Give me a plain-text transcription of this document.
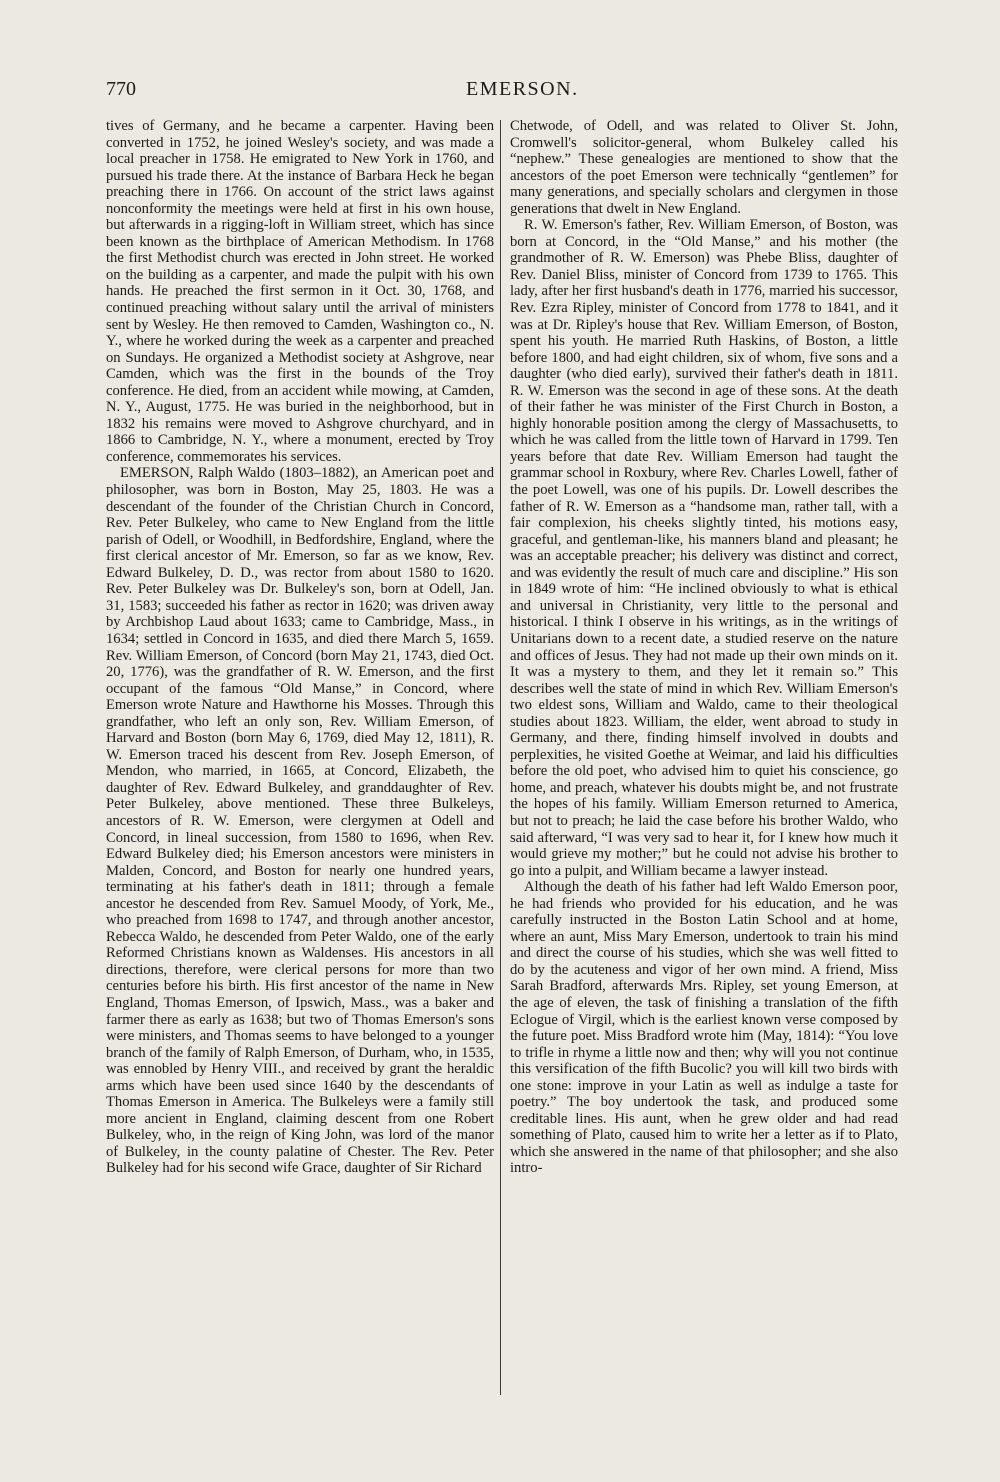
770	EMERSON.

tives of Germany, and he became a carpenter. Having been converted in 1752, he joined Wesley's society, and was made a local preacher in 1758. He emigrated to New York in 1760, and pursued his trade there. At the instance of Barbara Heck he began preaching there in 1766. On account of the strict laws against nonconformity the meetings were held at first in his own house, but afterwards in a rigging-loft in William street, which has since been known as the birthplace of American Methodism. In 1768 the first Methodist church was erected in John street. He worked on the building as a carpenter, and made the pulpit with his own hands. He preached the first sermon in it Oct. 30, 1768, and continued preaching without salary until the arrival of ministers sent by Wesley. He then removed to Camden, Washington co., N. Y., where he worked during the week as a carpenter and preached on Sundays. He organized a Methodist society at Ashgrove, near Camden, which was the first in the bounds of the Troy conference. He died, from an accident while mowing, at Camden, N. Y., August, 1775. He was buried in the neighborhood, but in 1832 his remains were moved to Ashgrove churchyard, and in 1866 to Cambridge, N. Y., where a monument, erected by Troy conference, commemorates his services.

EMERSON, Ralph Waldo (1803–1882), an American poet and philosopher, was born in Boston, May 25, 1803. He was a descendant of the founder of the Christian Church in Concord, Rev. Peter Bulkeley, who came to New England from the little parish of Odell, or Woodhill, in Bedfordshire, England, where the first clerical ancestor of Mr. Emerson, so far as we know, Rev. Edward Bulkeley, D. D., was rector from about 1580 to 1620. Rev. Peter Bulkeley was Dr. Bulkeley's son, born at Odell, Jan. 31, 1583; succeeded his father as rector in 1620; was driven away by Archbishop Laud about 1633; came to Cambridge, Mass., in 1634; settled in Concord in 1635, and died there March 5, 1659. Rev. William Emerson, of Concord (born May 21, 1743, died Oct. 20, 1776), was the grandfather of R. W. Emerson, and the first occupant of the famous “Old Manse,” in Concord, where Emerson wrote Nature and Hawthorne his Mosses. Through this grandfather, who left an only son, Rev. William Emerson, of Harvard and Boston (born May 6, 1769, died May 12, 1811), R. W. Emerson traced his descent from Rev. Joseph Emerson, of Mendon, who married, in 1665, at Concord, Elizabeth, the daughter of Rev. Edward Bulkeley, and granddaughter of Rev. Peter Bulkeley, above mentioned. These three Bulkeleys, ancestors of R. W. Emerson, were clergymen at Odell and Concord, in lineal succession, from 1580 to 1696, when Rev. Edward Bulkeley died; his Emerson ancestors were ministers in Malden, Concord, and Boston for nearly one hundred years, terminating at his father's death in 1811; through a female ancestor he descended from Rev. Samuel Moody, of York, Me., who preached from 1698 to 1747, and through another ancestor, Rebecca Waldo, he descended from Peter Waldo, one of the early Reformed Christians known as Waldenses. His ancestors in all directions, therefore, were clerical persons for more than two centuries before his birth. His first ancestor of the name in New England, Thomas Emerson, of Ipswich, Mass., was a baker and farmer there as early as 1638; but two of Thomas Emerson's sons were ministers, and Thomas seems to have belonged to a younger branch of the family of Ralph Emerson, of Durham, who, in 1535, was ennobled by Henry VIII., and received by grant the heraldic arms which have been used since 1640 by the descendants of Thomas Emerson in America. The Bulkeleys were a family still more ancient in England, claiming descent from one Robert Bulkeley, who, in the reign of King John, was lord of the manor of Bulkeley, in the county palatine of Chester. The Rev. Peter Bulkeley had for his second wife Grace, daughter of Sir Richard

Chetwode, of Odell, and was related to Oliver St. John, Cromwell's solicitor-general, whom Bulkeley called his “nephew.” These genealogies are mentioned to show that the ancestors of the poet Emerson were technically “gentlemen” for many generations, and specially scholars and clergymen in those generations that dwelt in New England.

R. W. Emerson's father, Rev. William Emerson, of Boston, was born at Concord, in the “Old Manse,” and his mother (the grandmother of R. W. Emerson) was Phebe Bliss, daughter of Rev. Daniel Bliss, minister of Concord from 1739 to 1765. This lady, after her first husband's death in 1776, married his successor, Rev. Ezra Ripley, minister of Concord from 1778 to 1841, and it was at Dr. Ripley's house that Rev. William Emerson, of Boston, spent his youth. He married Ruth Haskins, of Boston, a little before 1800, and had eight children, six of whom, five sons and a daughter (who died early), survived their father's death in 1811. R. W. Emerson was the second in age of these sons. At the death of their father he was minister of the First Church in Boston, a highly honorable position among the clergy of Massachusetts, to which he was called from the little town of Harvard in 1799. Ten years before that date Rev. William Emerson had taught the grammar school in Roxbury, where Rev. Charles Lowell, father of the poet Lowell, was one of his pupils. Dr. Lowell describes the father of R. W. Emerson as a “handsome man, rather tall, with a fair complexion, his cheeks slightly tinted, his motions easy, graceful, and gentleman-like, his manners bland and pleasant; he was an acceptable preacher; his delivery was distinct and correct, and was evidently the result of much care and discipline.” His son in 1849 wrote of him: “He inclined obviously to what is ethical and universal in Christianity, very little to the personal and historical. I think I observe in his writings, as in the writings of Unitarians down to a recent date, a studied reserve on the nature and offices of Jesus. They had not made up their own minds on it. It was a mystery to them, and they let it remain so.” This describes well the state of mind in which Rev. William Emerson's two eldest sons, William and Waldo, came to their theological studies about 1823. William, the elder, went abroad to study in Germany, and there, finding himself involved in doubts and perplexities, he visited Goethe at Weimar, and laid his difficulties before the old poet, who advised him to quiet his conscience, go home, and preach, whatever his doubts might be, and not frustrate the hopes of his family. William Emerson returned to America, but not to preach; he laid the case before his brother Waldo, who said afterward, “I was very sad to hear it, for I knew how much it would grieve my mother;” but he could not advise his brother to go into a pulpit, and William became a lawyer instead.

Although the death of his father had left Waldo Emerson poor, he had friends who provided for his education, and he was carefully instructed in the Boston Latin School and at home, where an aunt, Miss Mary Emerson, undertook to train his mind and direct the course of his studies, which she was well fitted to do by the acuteness and vigor of her own mind. A friend, Miss Sarah Bradford, afterwards Mrs. Ripley, set young Emerson, at the age of eleven, the task of finishing a translation of the fifth Eclogue of Virgil, which is the earliest known verse composed by the future poet. Miss Bradford wrote him (May, 1814): “You love to trifle in rhyme a little now and then; why will you not continue this versification of the fifth Bucolic? you will kill two birds with one stone: improve in your Latin as well as indulge a taste for poetry.” The boy undertook the task, and produced some creditable lines. His aunt, when he grew older and had read something of Plato, caused him to write her a letter as if to Plato, which she answered in the name of that philosopher; and she also intro-
